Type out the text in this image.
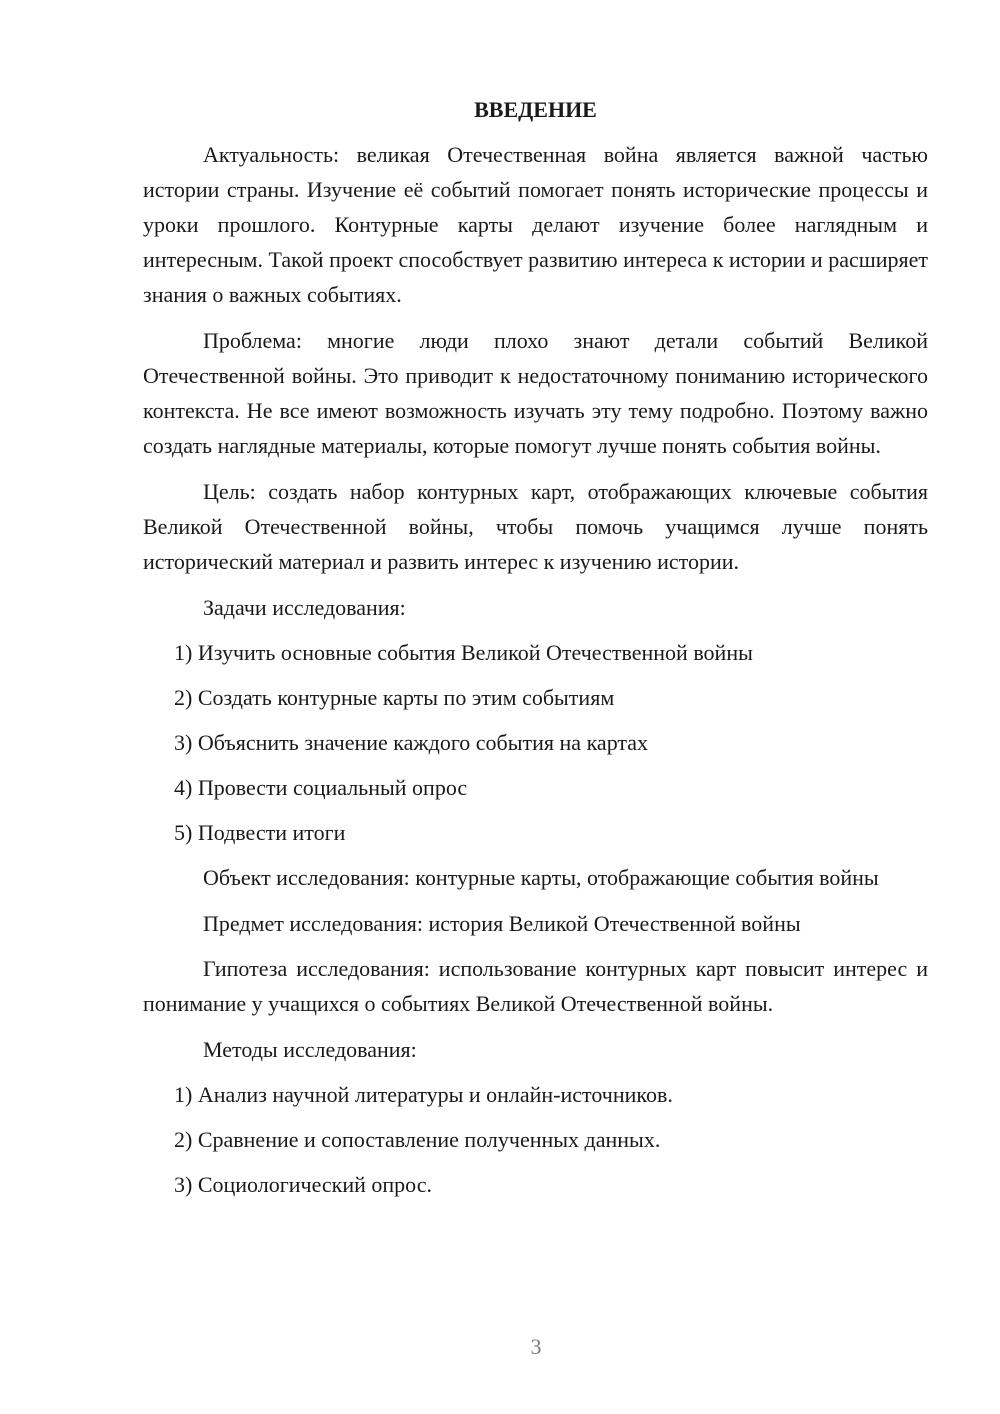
ВВЕДЕНИЕ

Актуальность: великая Отечественная война является важной частью истории страны. Изучение её событий помогает понять исторические процессы и уроки прошлого. Контурные карты делают изучение более наглядным и интересным. Такой проект способствует развитию интереса к истории и расширяет знания о важных событиях.

Проблема: многие люди плохо знают детали событий Великой Отечественной войны. Это приводит к недостаточному пониманию исторического контекста. Не все имеют возможность изучать эту тему подробно. Поэтому важно создать наглядные материалы, которые помогут лучше понять события войны.

Цель: создать набор контурных карт, отображающих ключевые события Великой Отечественной войны, чтобы помочь учащимся лучше понять исторический материал и развить интерес к изучению истории.

Задачи исследования:

1) Изучить основные события Великой Отечественной войны
2) Создать контурные карты по этим событиям
3) Объяснить значение каждого события на картах
4) Провести социальный опрос
5) Подвести итоги

Объект исследования: контурные карты, отображающие события войны

Предмет исследования: история Великой Отечественной войны

Гипотеза исследования: использование контурных карт повысит интерес и понимание у учащихся о событиях Великой Отечественной войны.

Методы исследования:

1) Анализ научной литературы и онлайн-источников.
2) Сравнение и сопоставление полученных данных.
3) Социологический опрос.
3
